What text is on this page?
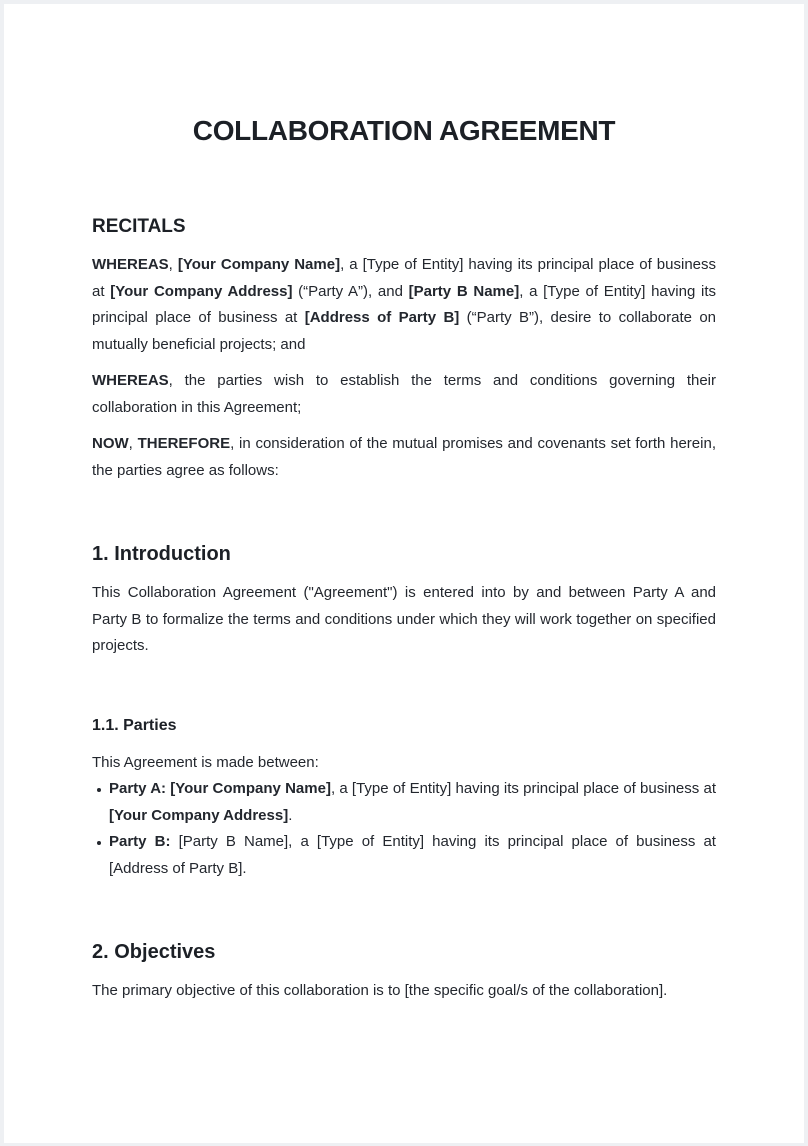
COLLABORATION AGREEMENT
RECITALS

WHEREAS, [Your Company Name], a [Type of Entity] having its principal place of business at [Your Company Address] (“Party A”), and [Party B Name], a [Type of Entity] having its principal place of business at [Address of Party B] (“Party B”), desire to collaborate on mutually beneficial projects; and

WHEREAS, the parties wish to establish the terms and conditions governing their collaboration in this Agreement;

NOW, THEREFORE, in consideration of the mutual promises and covenants set forth herein, the parties agree as follows:

1. Introduction

This Collaboration Agreement ("Agreement") is entered into by and between Party A and Party B to formalize the terms and conditions under which they will work together on specified projects.

1.1. Parties

This Agreement is made between:

Party A: [Your Company Name], a [Type of Entity] having its principal place of business at [Your Company Address].
Party B: [Party B Name], a [Type of Entity] having its principal place of business at [Address of Party B].
2. Objectives

The primary objective of this collaboration is to [the specific goal/s of the collaboration].
